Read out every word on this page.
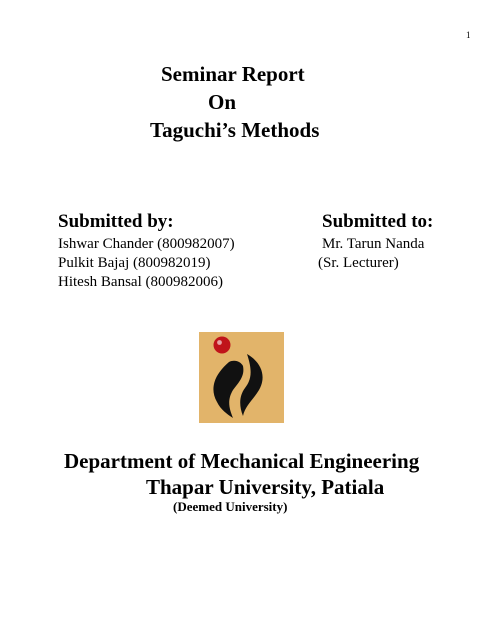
1
Seminar Report
On
Taguchi’s Methods
Submitted by:	Submitted to:
Ishwar Chander (800982007)
Pulkit Bajaj (800982019)
Hitesh Bansal (800982006)
Mr. Tarun Nanda
(Sr. Lecturer)
Department of Mechanical Engineering
Thapar University, Patiala
(Deemed University)
